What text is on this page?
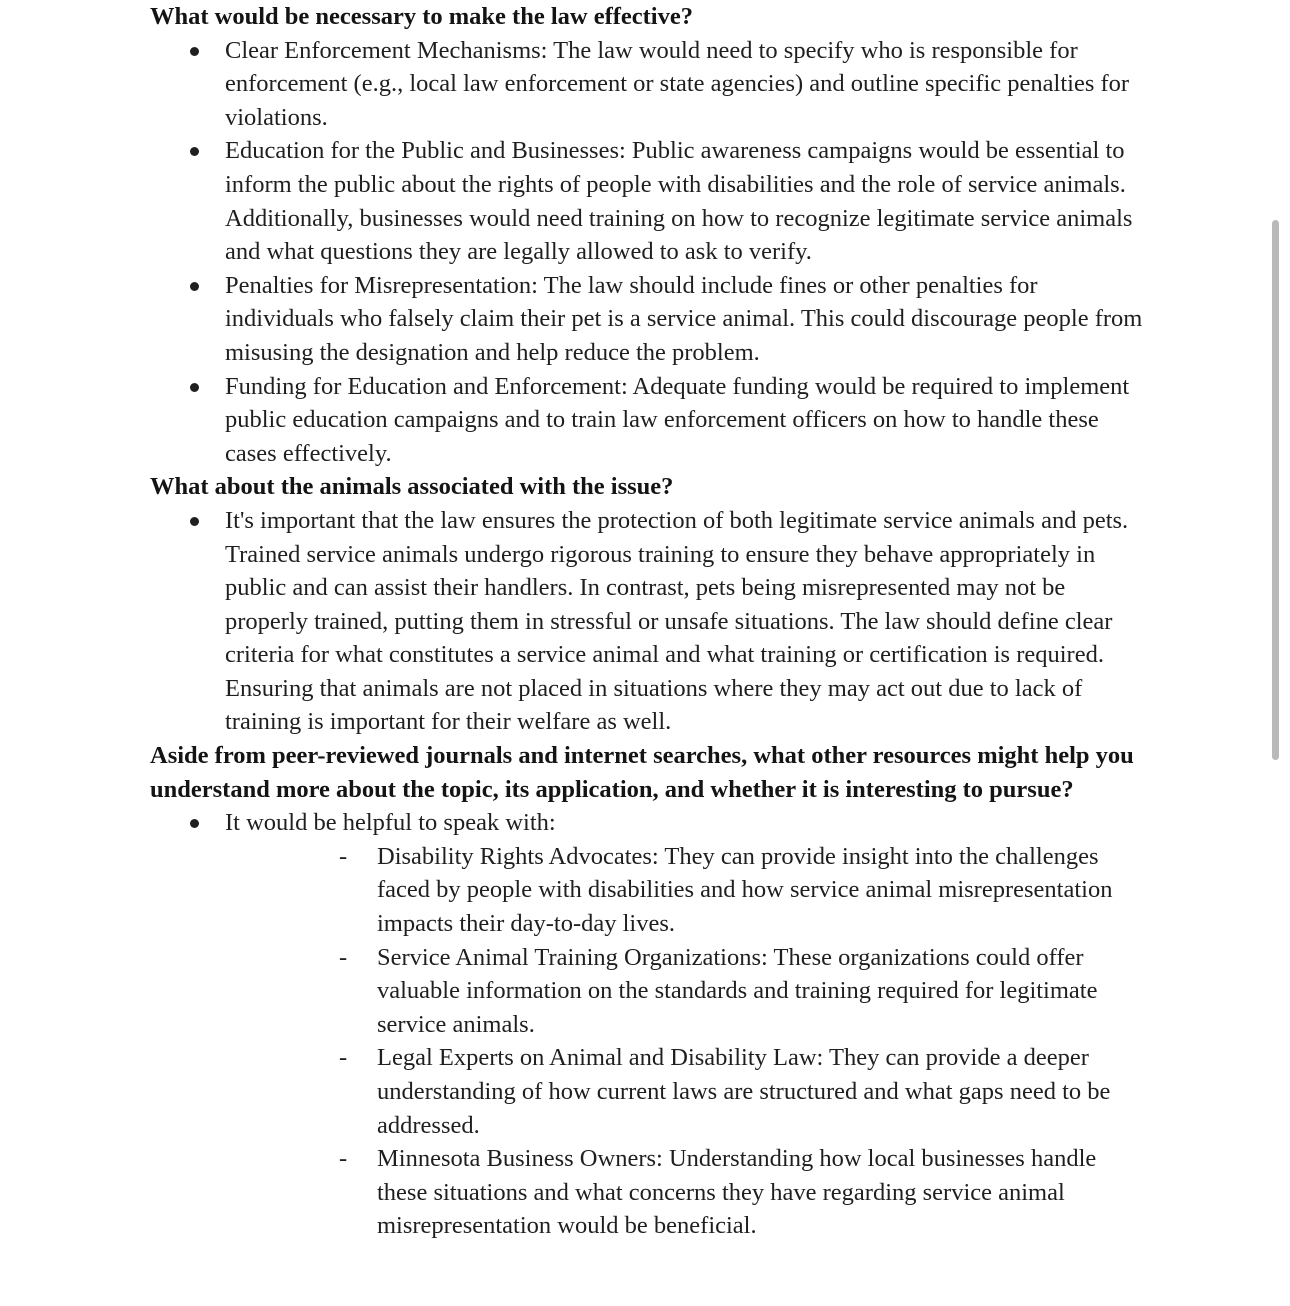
What would be necessary to make the law effective?

Clear Enforcement Mechanisms: The law would need to specify who is responsible for enforcement (e.g., local law enforcement or state agencies) and outline specific penalties for violations.
Education for the Public and Businesses: Public awareness campaigns would be essential to inform the public about the rights of people with disabilities and the role of service animals. Additionally, businesses would need training on how to recognize legitimate service animals and what questions they are legally allowed to ask to verify.
Penalties for Misrepresentation: The law should include fines or other penalties for individuals who falsely claim their pet is a service animal. This could discourage people from misusing the designation and help reduce the problem.
Funding for Education and Enforcement: Adequate funding would be required to implement public education campaigns and to train law enforcement officers on how to handle these cases effectively.

What about the animals associated with the issue?

It's important that the law ensures the protection of both legitimate service animals and pets. Trained service animals undergo rigorous training to ensure they behave appropriately in public and can assist their handlers. In contrast, pets being misrepresented may not be properly trained, putting them in stressful or unsafe situations. The law should define clear criteria for what constitutes a service animal and what training or certification is required. Ensuring that animals are not placed in situations where they may act out due to lack of training is important for their welfare as well.

Aside from peer-reviewed journals and internet searches, what other resources might help you understand more about the topic, its application, and whether it is interesting to pursue?

It would be helpful to speak with:
- Disability Rights Advocates: They can provide insight into the challenges faced by people with disabilities and how service animal misrepresentation impacts their day-to-day lives.
- Service Animal Training Organizations: These organizations could offer valuable information on the standards and training required for legitimate service animals.
- Legal Experts on Animal and Disability Law: They can provide a deeper understanding of how current laws are structured and what gaps need to be addressed.
- Minnesota Business Owners: Understanding how local businesses handle these situations and what concerns they have regarding service animal misrepresentation would be beneficial.
